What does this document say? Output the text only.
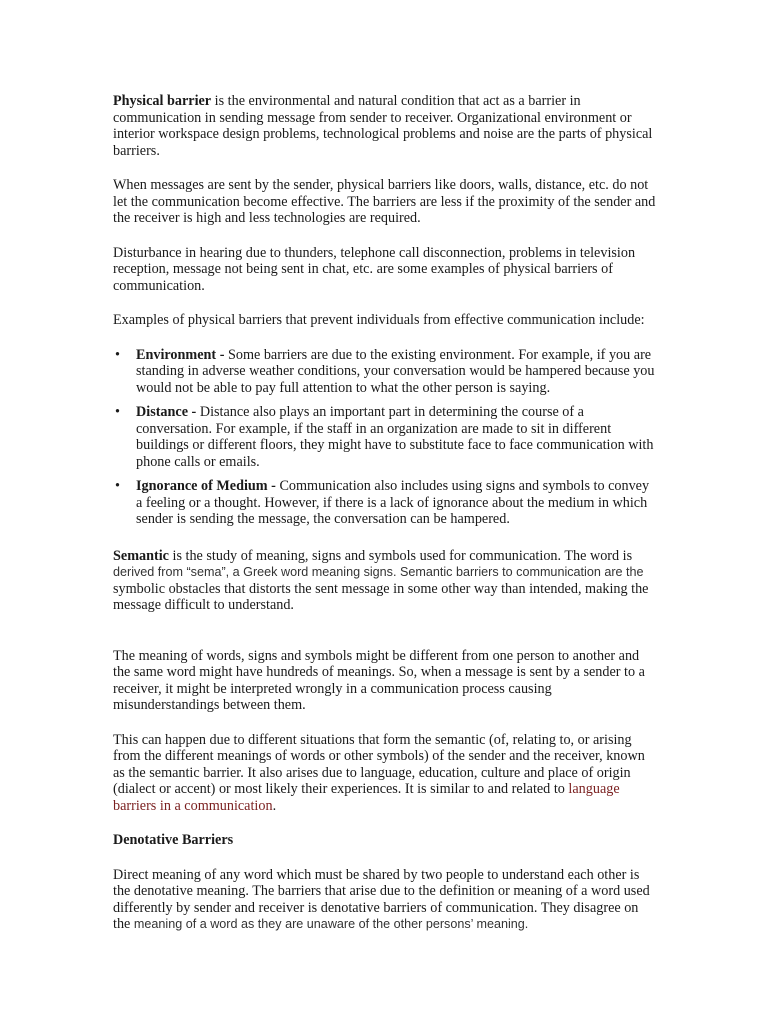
Physical barrier is the environmental and natural condition that act as a barrier in communication in sending message from sender to receiver. Organizational environment or interior workspace design problems, technological problems and noise are the parts of physical barriers.

When messages are sent by the sender, physical barriers like doors, walls, distance, etc. do not let the communication become effective. The barriers are less if the proximity of the sender and the receiver is high and less technologies are required.

Disturbance in hearing due to thunders, telephone call disconnection, problems in television reception, message not being sent in chat, etc. are some examples of physical barriers of communication.

Examples of physical barriers that prevent individuals from effective communication include:

• Environment - Some barriers are due to the existing environment. For example, if you are standing in adverse weather conditions, your conversation would be hampered because you would not be able to pay full attention to what the other person is saying.
• Distance - Distance also plays an important part in determining the course of a conversation. For example, if the staff in an organization are made to sit in different buildings or different floors, they might have to substitute face to face communication with phone calls or emails.
• Ignorance of Medium - Communication also includes using signs and symbols to convey a feeling or a thought. However, if there is a lack of ignorance about the medium in which sender is sending the message, the conversation can be hampered.

Semantic is the study of meaning, signs and symbols used for communication. The word is derived from “sema”, a Greek word meaning signs. Semantic barriers to communication are the symbolic obstacles that distorts the sent message in some other way than intended, making the message difficult to understand.

The meaning of words, signs and symbols might be different from one person to another and the same word might have hundreds of meanings. So, when a message is sent by a sender to a receiver, it might be interpreted wrongly in a communication process causing misunderstandings between them.

This can happen due to different situations that form the semantic (of, relating to, or arising from the different meanings of words or other symbols) of the sender and the receiver, known as the semantic barrier. It also arises due to language, education, culture and place of origin (dialect or accent) or most likely their experiences. It is similar to and related to language barriers in a communication.

Denotative Barriers

Direct meaning of any word which must be shared by two people to understand each other is the denotative meaning. The barriers that arise due to the definition or meaning of a word used differently by sender and receiver is denotative barriers of communication. They disagree on the meaning of a word as they are unaware of the other persons’ meaning.
